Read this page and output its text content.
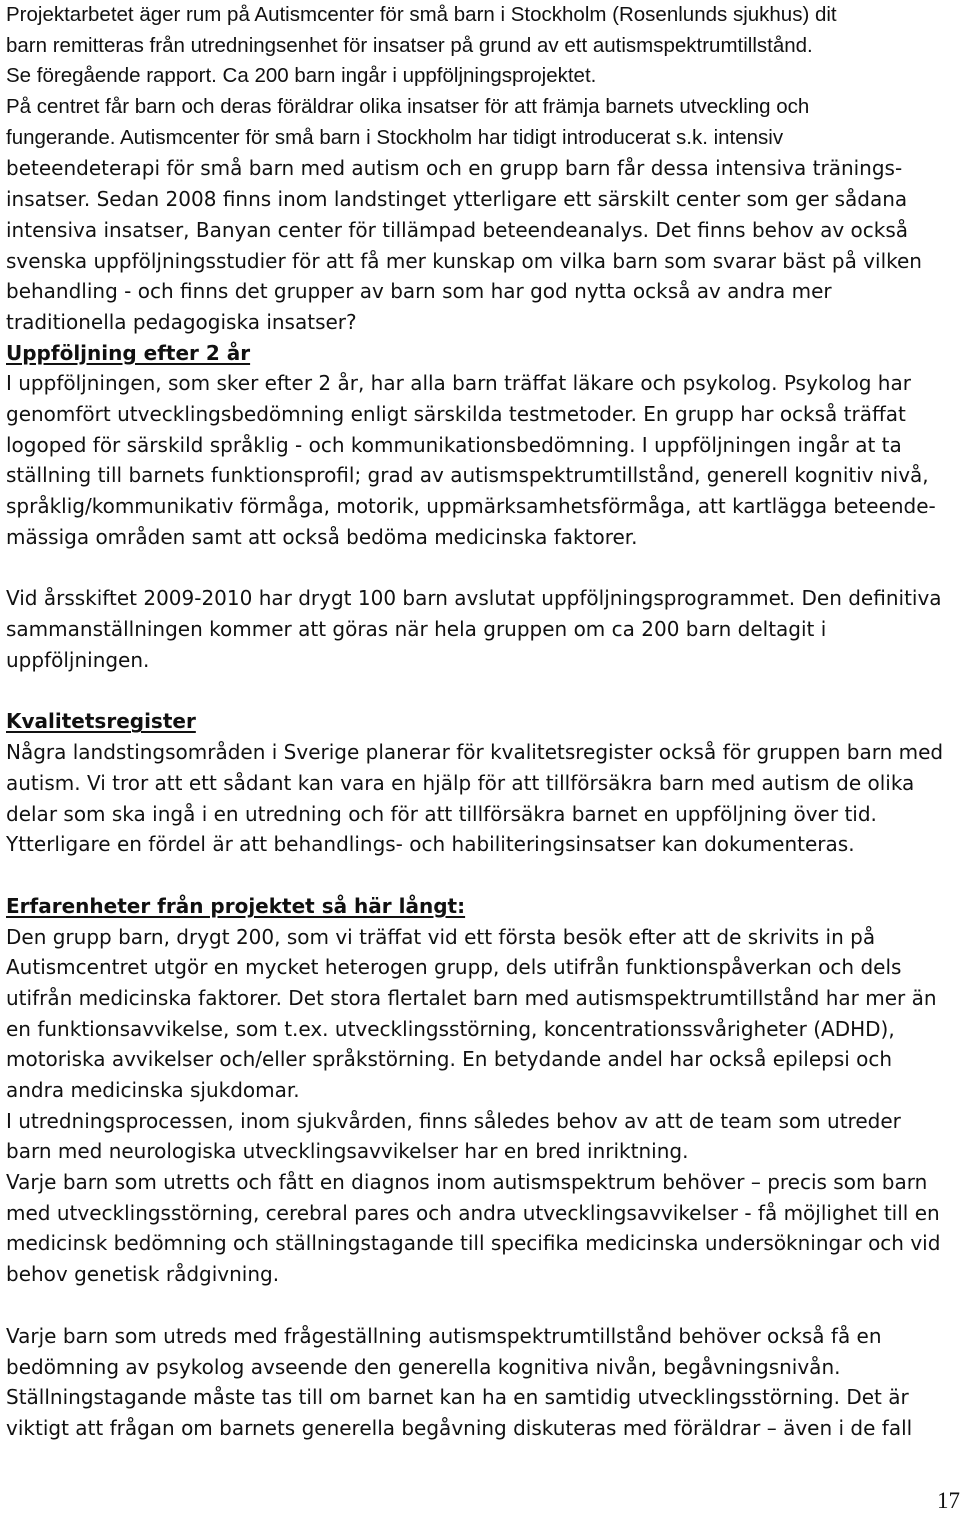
Projektarbetet äger rum på Autismcenter för små barn i Stockholm (Rosenlunds sjukhus) dit
barn remitteras från utredningsenhet för insatser på grund av ett autismspektrumtillstånd.
Se föregående rapport. Ca 200 barn ingår i uppföljningsprojektet.
På centret får barn och deras föräldrar olika insatser för att främja barnets utveckling och
fungerande. Autismcenter för små barn i Stockholm har tidigt introducerat s.k. intensiv
beteendeterapi för små barn med autism och en grupp barn får dessa intensiva tränings-
insatser. Sedan 2008 finns inom landstinget ytterligare ett särskilt center som ger sådana
intensiva insatser, Banyan center för tillämpad beteendeanalys. Det finns behov av också
svenska uppföljningsstudier för att få mer kunskap om vilka barn som svarar bäst på vilken
behandling - och finns det grupper av barn som har god nytta också av andra mer
traditionella pedagogiska insatser?
Uppföljning efter 2 år
I uppföljningen, som sker efter 2 år, har alla barn träffat läkare och psykolog. Psykolog har
genomfört utvecklingsbedömning enligt särskilda testmetoder. En grupp har också träffat
logoped för särskild språklig - och kommunikationsbedömning. I uppföljningen ingår at ta
ställning till barnets funktionsprofil; grad av autismspektrumtillstånd, generell kognitiv nivå,
språklig/kommunikativ förmåga, motorik, uppmärksamhetsförmåga, att kartlägga beteende-
mässiga områden samt att också bedöma medicinska faktorer.
Vid årsskiftet 2009-2010 har drygt 100 barn avslutat uppföljningsprogrammet. Den definitiva
sammanställningen kommer att göras när hela gruppen om ca 200 barn deltagit i
uppföljningen.
Kvalitetsregister
Några landstingsområden i Sverige planerar för kvalitetsregister också för gruppen barn med
autism. Vi tror att ett sådant kan vara en hjälp för att tillförsäkra barn med autism de olika
delar som ska ingå i en utredning och för att tillförsäkra barnet en uppföljning över tid.
Ytterligare en fördel är att behandlings- och habiliteringsinsatser kan dokumenteras.
Erfarenheter från projektet så här långt:
Den grupp barn, drygt 200, som vi träffat vid ett första besök efter att de skrivits in på
Autismcentret utgör en mycket heterogen grupp, dels utifrån funktionspåverkan och dels
utifrån medicinska faktorer. Det stora flertalet barn med autismspektrumtillstånd har mer än
en funktionsavvikelse, som t.ex. utvecklingsstörning, koncentrationssvårigheter (ADHD),
motoriska avvikelser och/eller språkstörning. En betydande andel har också epilepsi och
andra medicinska sjukdomar.
I utredningsprocessen, inom sjukvården, finns således behov av att de team som utreder
barn med neurologiska utvecklingsavvikelser har en bred inriktning.
Varje barn som utretts och fått en diagnos inom autismspektrum behöver – precis som barn
med utvecklingsstörning, cerebral pares och andra utvecklingsavvikelser - få möjlighet till en
medicinsk bedömning och ställningstagande till specifika medicinska undersökningar och vid
behov genetisk rådgivning.
Varje barn som utreds med frågeställning autismspektrumtillstånd behöver också få en
bedömning av psykolog avseende den generella kognitiva nivån, begåvningsnivån.
Ställningstagande måste tas till om barnet kan ha en samtidig utvecklingsstörning. Det är
viktigt att frågan om barnets generella begåvning diskuteras med föräldrar – även i de fall
17
